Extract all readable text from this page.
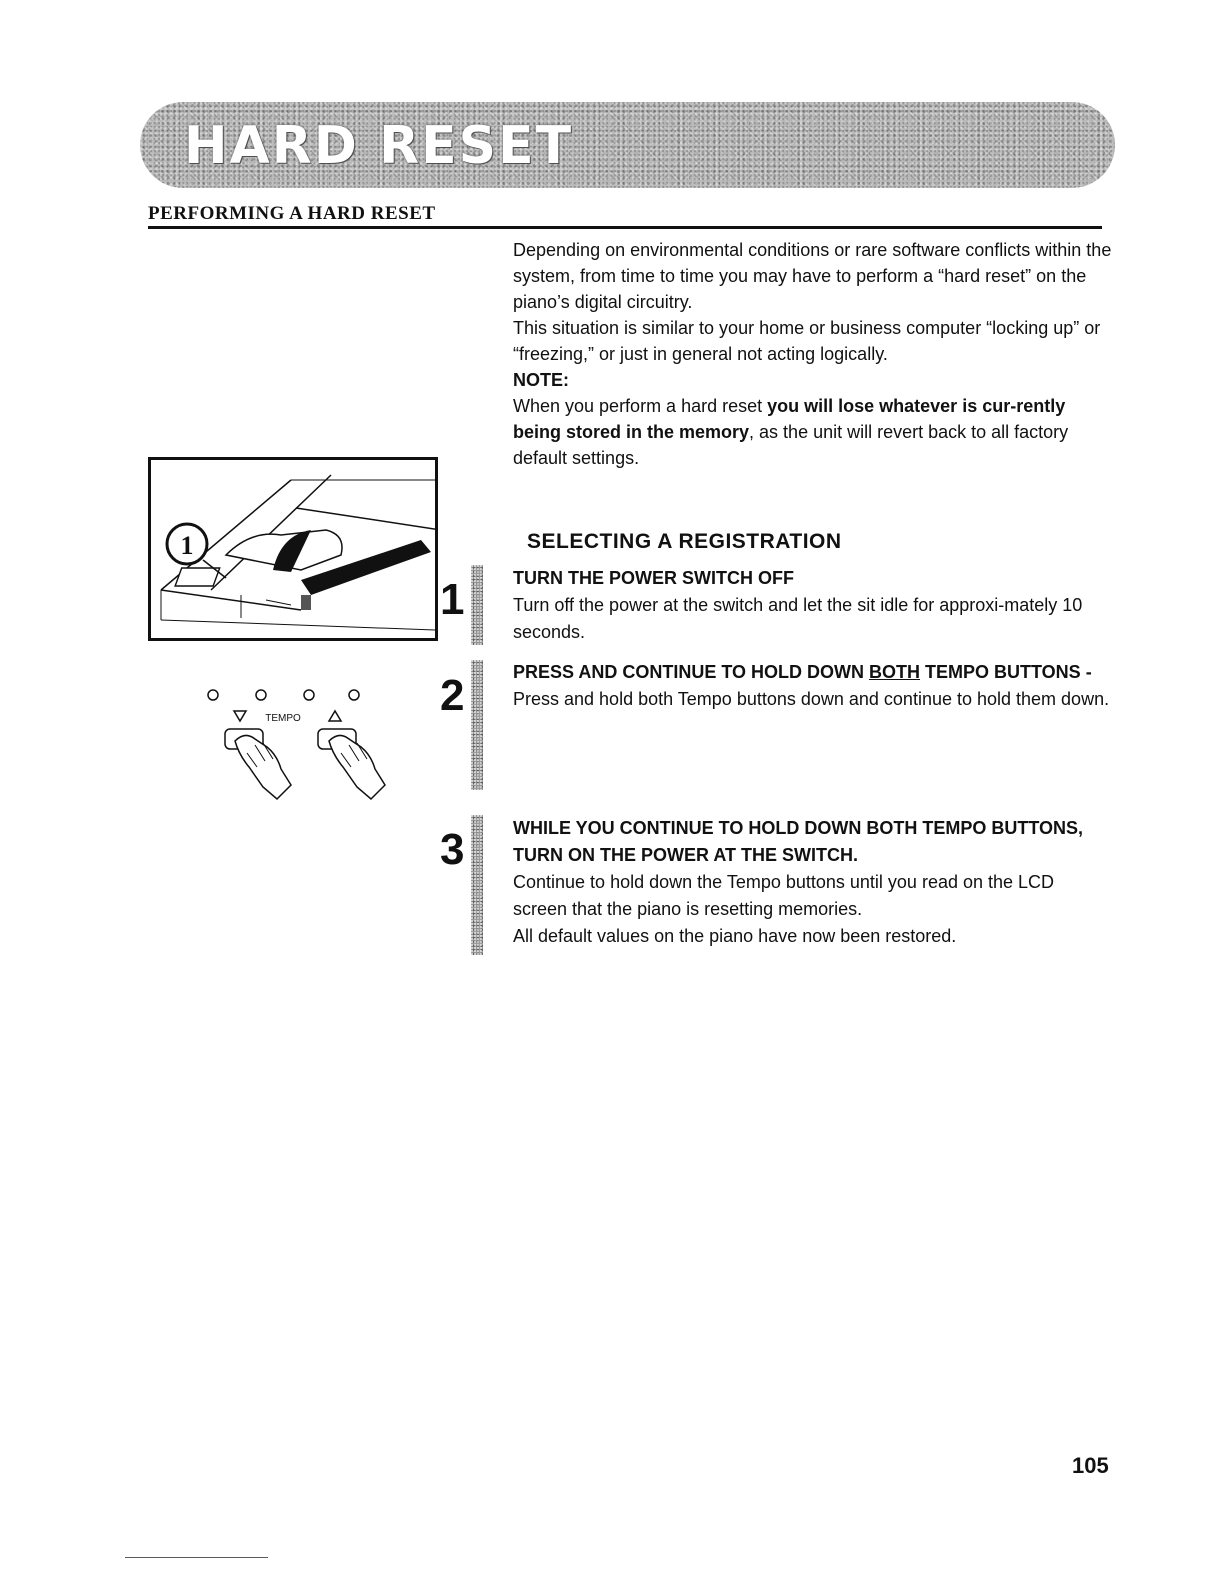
HARD RESET
PERFORMING A HARD RESET

Depending on environmental conditions or rare software conflicts within the system, from time to time you may have to perform a “hard reset” on the piano’s digital circuitry.

This situation is similar to your home or business computer “locking up” or “freezing,” or just in general not acting logically.

NOTE:

When you perform a hard reset you will lose whatever is cur-rently being stored in the memory, as the unit will revert back to all factory default settings.

1
TEMPO
SELECTING A REGISTRATION
1	TURN THE POWER SWITCH OFF

Turn off the power at the switch and let the sit idle for approxi-mately 10 seconds.

2	PRESS AND CONTINUE TO HOLD DOWN BOTH TEMPO BUTTONS -

Press and hold both Tempo buttons down and continue to hold them down.

3	WHILE YOU CONTINUE TO HOLD DOWN BOTH TEMPO BUTTONS, TURN ON THE POWER AT THE SWITCH.

Continue to hold down the Tempo buttons until you read on the LCD screen that the piano is resetting memories.

All default values on the piano have now been restored.

105
